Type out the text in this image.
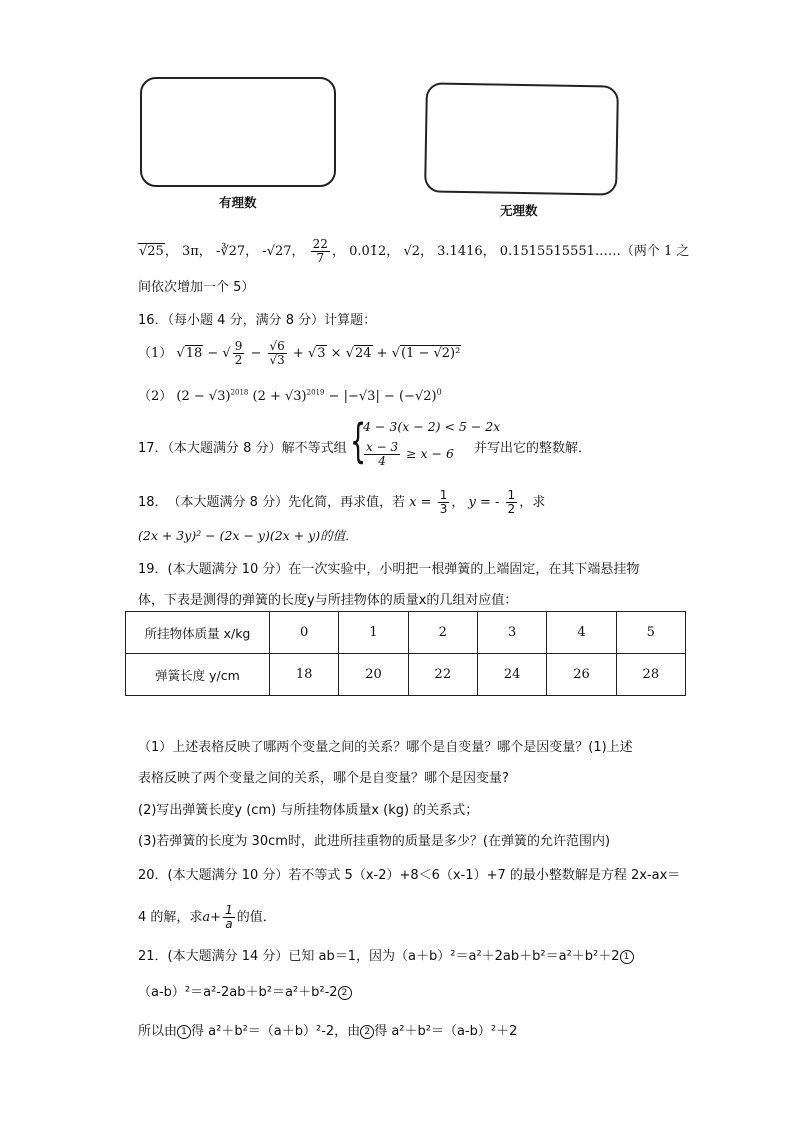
有理数
无理数
√25， 3π， -∛27， -√27， $\frac{22}{7}$ ， 0.0̇1̇2， √2， 3.1416， 0.1515515551……（两个 1 之
间依次增加一个 5）
16．（每小题 4 分，满分 8 分）计算题：
（1） √18 − √ $\frac{9}{2} - \frac{√6}{√3} + √3 \times √24 + √(1 - √2)^2$
（2） $(2 - √3)^{2018}$ $(2 + √3)^{2019} - |-√3| - (-√2)^0$
17．（本大题满分 8 分）解不等式组 {
4 − 3(x − 2) < 5 − 2x
$\frac{x - 3}{4} \ge x - 6$ 并写出它的整数解．
18．　（本大题满分 8 分）先化简，再求值，若 $x = \frac{1}{3}$ ， y = - $\frac{1}{2}$ ，求
(2x + 3y)² − (2x − y)(2x + y)的值．
19．(本大题满分 10 分）在一次实验中，小明把一根弹簧的上端固定，在其下端悬挂物
体，下表是测得的弹簧的长度y与所挂物体的质量x的几组对应值：
所挂物体质量 x/kg	0	1	2	3	4	5
弹簧长度 y/cm	18	20	22	24	26	28
（1）上述表格反映了哪两个变量之间的关系？哪个是自变量？哪个是因变量？(1)上述
表格反映了两个变量之间的关系，哪个是自变量？哪个是因变量?
(2)写出弹簧长度y (cm) 与所挂物体质量x (kg) 的关系式；
(3)若弹簧的长度为 30cm时，此进所挂重物的质量是多少？(在弹簧的允许范围内)
20．(本大题满分 10 分）若不等式 5（x-2）+8＜6（x-1）+7 的最小整数解是方程 2x-ax＝
4 的解，求$a+ \frac{1}{a}$ 的值．
21．(本大题满分 14 分）已知 ab＝1，因为（a＋b）²＝a²＋2ab＋b²＝a²＋b²＋2 1
（a-b）²＝a²-2ab＋b²＝a²＋b²-2 2
所以由 1 得 a²＋b²＝（a＋b）²-2，由 2 得 a²＋b²＝（a-b）²＋2
